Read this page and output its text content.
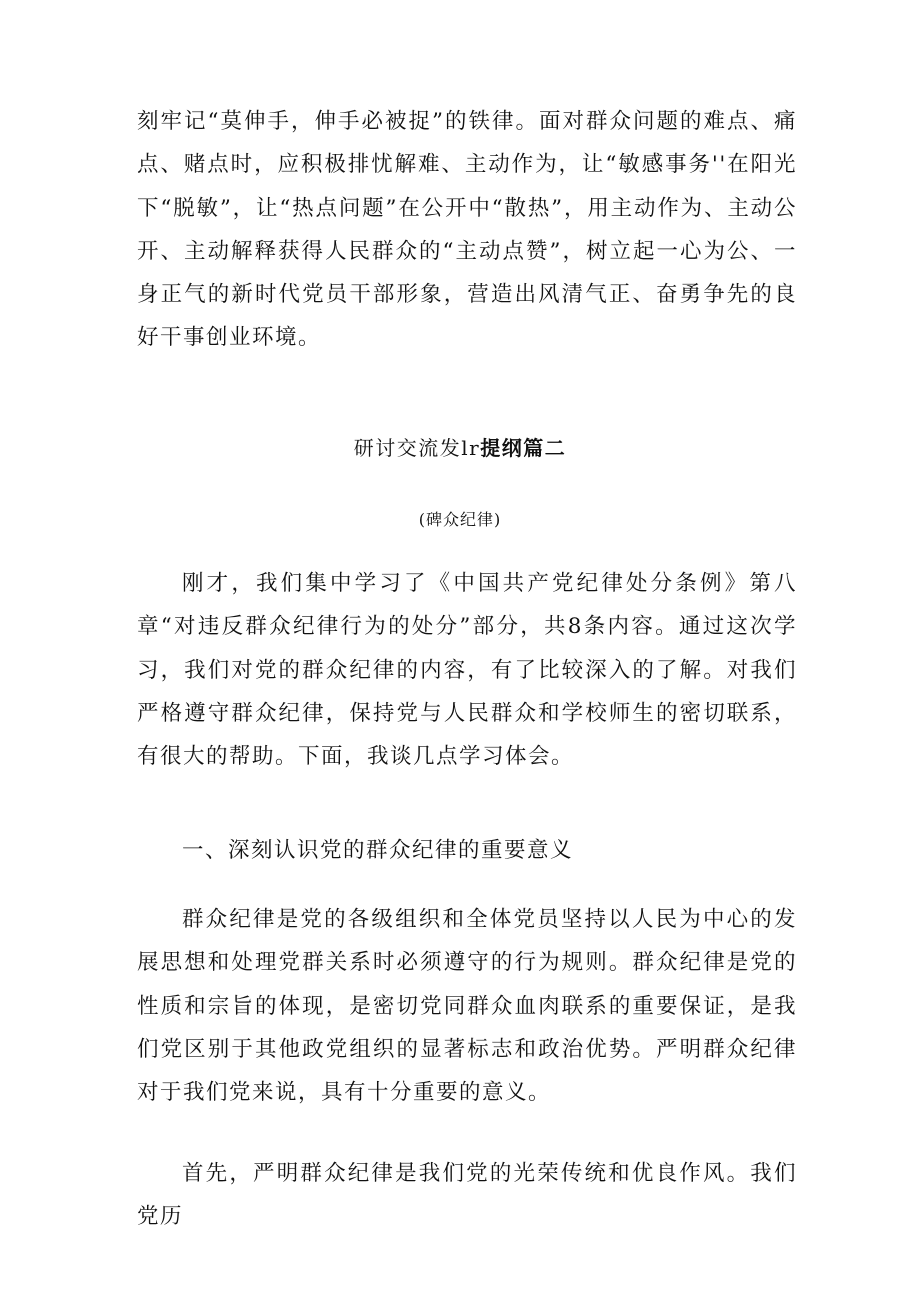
刻牢记“莫伸手，伸手必被捉”的铁律。面对群众问题的难点、痛点、赌点时，应积极排忧解难、主动作为，让“敏感事务''在阳光下“脱敏”，让“热点问题”在公开中“散热”，用主动作为、主动公开、主动解释获得人民群众的“主动点赞”，树立起一心为公、一身正气的新时代党员干部形象，营造出风清气正、奋勇争先的良好干事创业环境。

研讨交流发lr提纲篇二

(碑众纪律)

刚才，我们集中学习了《中国共产党纪律处分条例》第八章“对违反群众纪律行为的处分”部分，共8条内容。通过这次学习，我们对党的群众纪律的内容，有了比较深入的了解。对我们严格遵守群众纪律，保持党与人民群众和学校师生的密切联系，有很大的帮助。下面，我谈几点学习体会。

一、深刻认识党的群众纪律的重要意义

群众纪律是党的各级组织和全体党员坚持以人民为中心的发展思想和处理党群关系时必须遵守的行为规则。群众纪律是党的性质和宗旨的体现，是密切党同群众血肉联系的重要保证，是我们党区别于其他政党组织的显著标志和政治优势。严明群众纪律对于我们党来说，具有十分重要的意义。

首先，严明群众纪律是我们党的光荣传统和优良作风。我们党历
